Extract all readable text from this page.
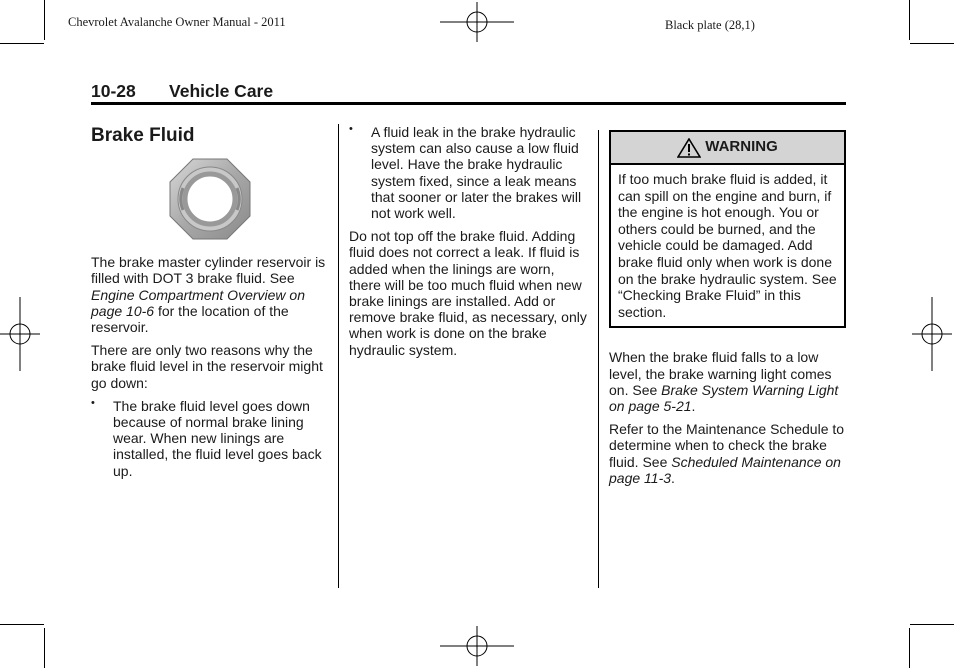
Chevrolet Avalanche Owner Manual - 2011	Black plate (28,1)
10-28 Vehicle Care
Brake Fluid

The brake master cylinder reservoir is filled with DOT 3 brake fluid. See Engine Compartment Overview on page 10-6 for the location of the reservoir.

There are only two reasons why the brake fluid level in the reservoir might go down:

• The brake fluid level goes down because of normal brake lining wear. When new linings are installed, the fluid level goes back up.
• A fluid leak in the brake hydraulic system can also cause a low fluid level. Have the brake hydraulic system fixed, since a leak means that sooner or later the brakes will not work well.

Do not top off the brake fluid. Adding fluid does not correct a leak. If fluid is added when the linings are worn, there will be too much fluid when new brake linings are installed. Add or remove brake fluid, as necessary, only when work is done on the brake hydraulic system.

WARNING
If too much brake fluid is added, it can spill on the engine and burn, if the engine is hot enough. You or others could be burned, and the vehicle could be damaged. Add brake fluid only when work is done on the brake hydraulic system. See “Checking Brake Fluid” in this section.

When the brake fluid falls to a low level, the brake warning light comes on. See Brake System Warning Light on page 5-21.

Refer to the Maintenance Schedule to determine when to check the brake fluid. See Scheduled Maintenance on page 11-3.
